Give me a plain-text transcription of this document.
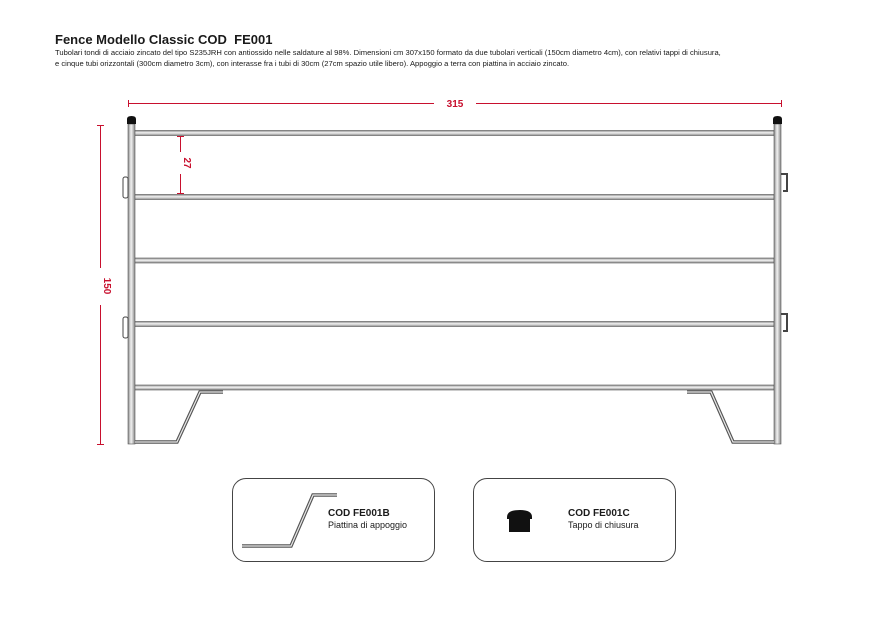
Fence Modello Classic COD  FE001

Tubolari tondi di acciaio zincato del tipo S235JRH con antiossido nelle saldature al 98%. Dimensioni cm 307x150 formato da due tubolari verticali (150cm diametro 4cm), con relativi tappi di chiusura,
e cinque tubi orizzontali (300cm diametro 3cm), con interasse fra i tubi di 30cm (27cm spazio utile libero). Appoggio a terra con piattina in acciaio zincato.

315
150
27
COD FE001B
Piattina di appoggio
COD FE001C
Tappo di chiusura
